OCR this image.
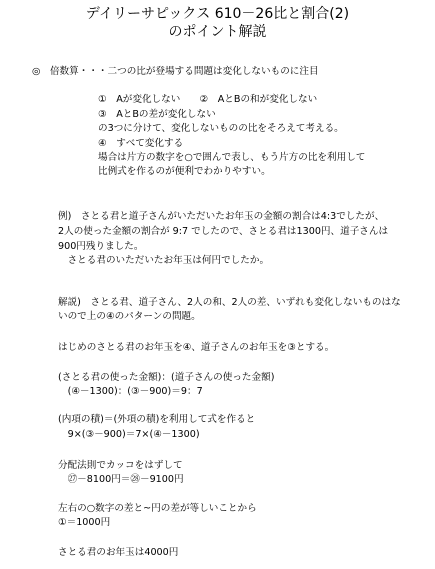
デイリーサピックス 610－26比と割合(2)
のポイント解説
◎　倍数算・・・二つの比が登場する問題は変化しないものに注目
①　Aが変化しない　　②　AとBの和が変化しない
③　AとBの差が変化しない
の3つに分けて、変化しないものの比をそろえて考える。
④　すべて変化する
場合は片方の数字を○で囲んで表し、もう片方の比を利用して
比例式を作るのが便利でわかりやすい。
例)　さとる君と道子さんがいただいたお年玉の金額の割合は4:3でしたが、
2人の使った金額の割合が 9:7 でしたので、さとる君は1300円、道子さんは
900円残りました。
　さとる君のいただいたお年玉は何円でしたか。
解説)　さとる君、道子さん、2人の和、2人の差、いずれも変化しないものはな
いので上の④のパターンの問題。
はじめのさとる君のお年玉を④、道子さんのお年玉を③とする。
(さとる君の使った金額)：(道子さんの使った金額)
　(④－1300)：(③－900)＝9：7
(内項の積)＝(外項の積)を利用して式を作ると
　9×(③－900)＝7×(④－1300)
分配法則でカッコをはずして
　㉗－8100円＝㉘－9100円
左右の○数字の差と~円の差が等しいことから
①＝1000円
さとる君のお年玉は4000円
